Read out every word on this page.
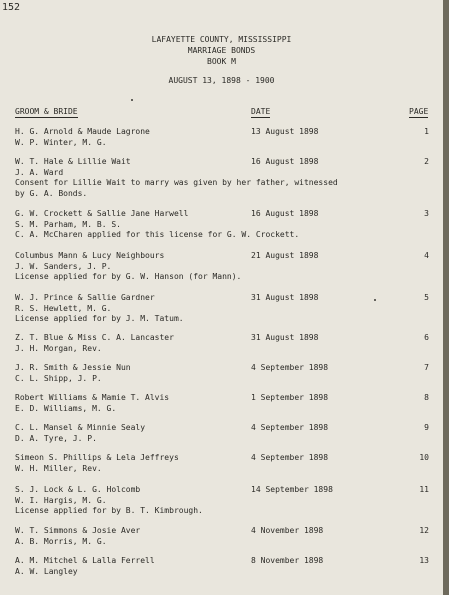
152
LAFAYETTE COUNTY, MISSISSIPPI
MARRIAGE BONDS
BOOK M
AUGUST 13, 1898 - 1900
GROOM & BRIDE	DATE	PAGE
H. G. Arnold & Maude Lagrone
W. P. Winter, M. G.
13 August 1898	1
W. T. Hale & Lillie Wait
J. A. Ward
Consent for Lillie Wait to marry was given by her father, witnessed
by G. A. Bonds.
16 August 1898	2
G. W. Crockett & Sallie Jane Harwell
S. M. Parham, M. B. S.
C. A. McCharen applied for this license for G. W. Crockett.
16 August 1898	3
Columbus Mann & Lucy Neighbours
J. W. Sanders, J. P.
License applied for by G. W. Hanson (for Mann).
21 August 1898	4
W. J. Prince & Sallie Gardner
R. S. Hewlett, M. G.
License applied for by J. M. Tatum.
31 August 1898	5
Z. T. Blue & Miss C. A. Lancaster
J. H. Morgan, Rev.
31 August 1898	6
J. R. Smith & Jessie Nun
C. L. Shipp, J. P.
4 September 1898	7
Robert Williams & Mamie T. Alvis
E. D. Williams, M. G.
1 September 1898	8
C. L. Mansel & Minnie Sealy
D. A. Tyre, J. P.
4 September 1898	9
Simeon S. Phillips & Lela Jeffreys
W. H. Miller, Rev.
4 September 1898	10
S. J. Lock & L. G. Holcomb
W. I. Hargis, M. G.
License applied for by B. T. Kimbrough.
14 September 1898	11
W. T. Simmons & Josie Aver
A. B. Morris, M. G.
4 November 1898	12
A. M. Mitchel & Lalla Ferrell
A. W. Langley
8 November 1898	13
